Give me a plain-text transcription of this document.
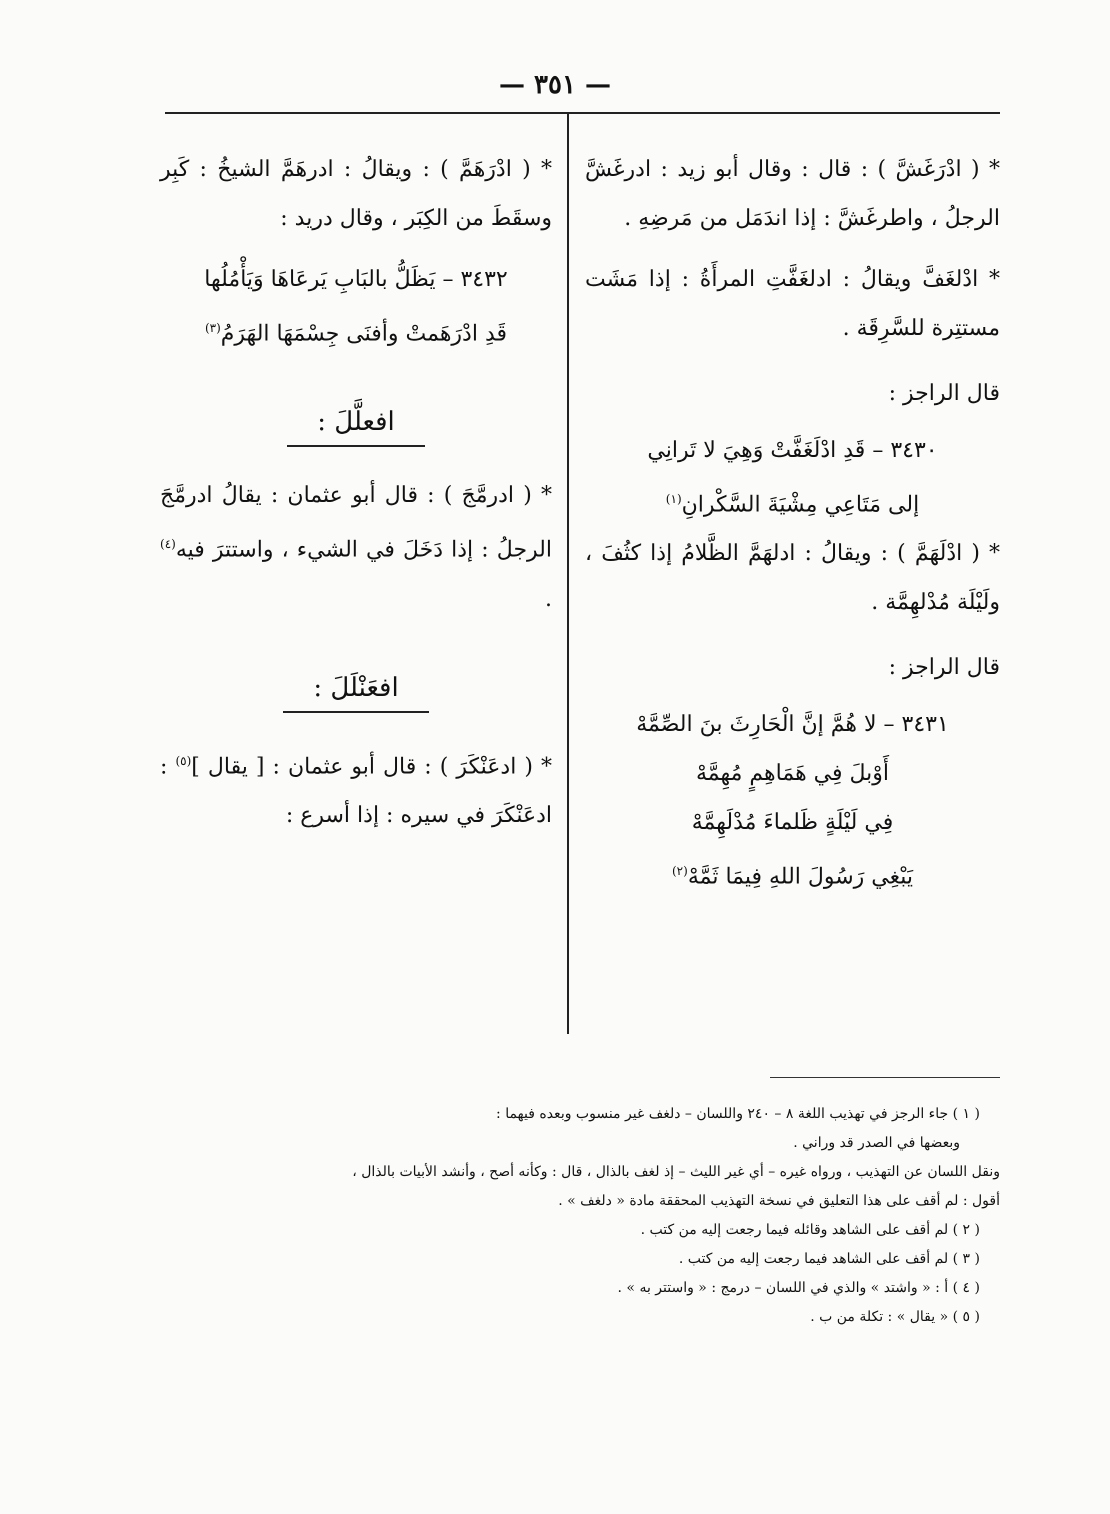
— ٣٥١ —
* ( ادْرَغَشَّ ) : قال : وقال أبو زيد : ادرغَشَّ الرجلُ ، واطرغَشَّ : إذا اندَمَل من مَرضِهِ .
* ادْلغَفَّ ويقالُ : ادلغَفَّتِ المرأَةُ : إذا مَشَت مستتِرة للسَّرِقَة .
قال الراجز :
٣٤٣٠ – قَدِ ادْلَغَفَّتْ وَهِيَ لا تَرانِي
إلى مَتَاعِي مِشْيَةَ السَّكْرانِ$^{(١)}$
* ( ادْلَهَمَّ ) : ويقالُ : ادلهَمَّ الظَّلامُ إذا كثُفَ ، ولَيْلَة مُدْلهِمَّة .
قال الراجز :
٣٤٣١ – لا هُمَّ إنَّ الْحَارِثَ بنَ الصِّمَّهْ
أَوْبلَ فِي هَمَاهِمٍ مُهِمَّهْ
فِي لَيْلَةٍ ظَلماءَ مُدْلَهِمَّهْ
يَبْغِي رَسُولَ اللهِ فِيمَا ثَمَّهْ$^{(٢)}$
* ( ادْرَهَمَّ ) : ويقالُ : ادرهَمَّ الشيخُ : كَبِر وسقَطَ من الكِبَر ، وقال دريد :
٣٤٣٢ – يَظَلُّ بالبَابِ يَرعَاهَا وَيَأْمُلُها
قَدِ ادْرَهَمتْ وأفنَى جِسْمَهَا الهَرَمُ$^{(٣)}$
افعلَّلَ :
* ( ادرمَّجَ ) : قال أبو عثمان : يقالُ ادرمَّجَ الرجلُ : إذا دَخَلَ في الشيء ، واستترَ فيه$^{(٤)}$ .
افعَنْلَلَ :
* ( ادعَنْكَرَ ) : قال أبو عثمان : [ يقال ]$^{(٥)}$ : ادعَنْكَرَ في سيره : إذا أسرع :
( ١ ) جاء الرجز في تهذيب اللغة ٨ – ٢٤٠ واللسان – دلغف غير منسوب وبعده فيهما :
وبعضها في الصدر قد وراني .
ونقل اللسان عن التهذيب ، ورواه غيره – أي غير الليث – إذ لغف بالذال ، قال : وكأنه أصح ، وأنشد الأبيات بالذال ،
أقول : لم أقف على هذا التعليق في نسخة التهذيب المحققة مادة « دلغف » .
( ٢ ) لم أقف على الشاهد وقائله فيما رجعت إليه من كتب .
( ٣ ) لم أقف على الشاهد فيما رجعت إليه من كتب .
( ٤ ) أ : « واشتد » والذي في اللسان – درمج : « واستتر به » .
( ٥ ) « يقال » : تكلة من ب .
